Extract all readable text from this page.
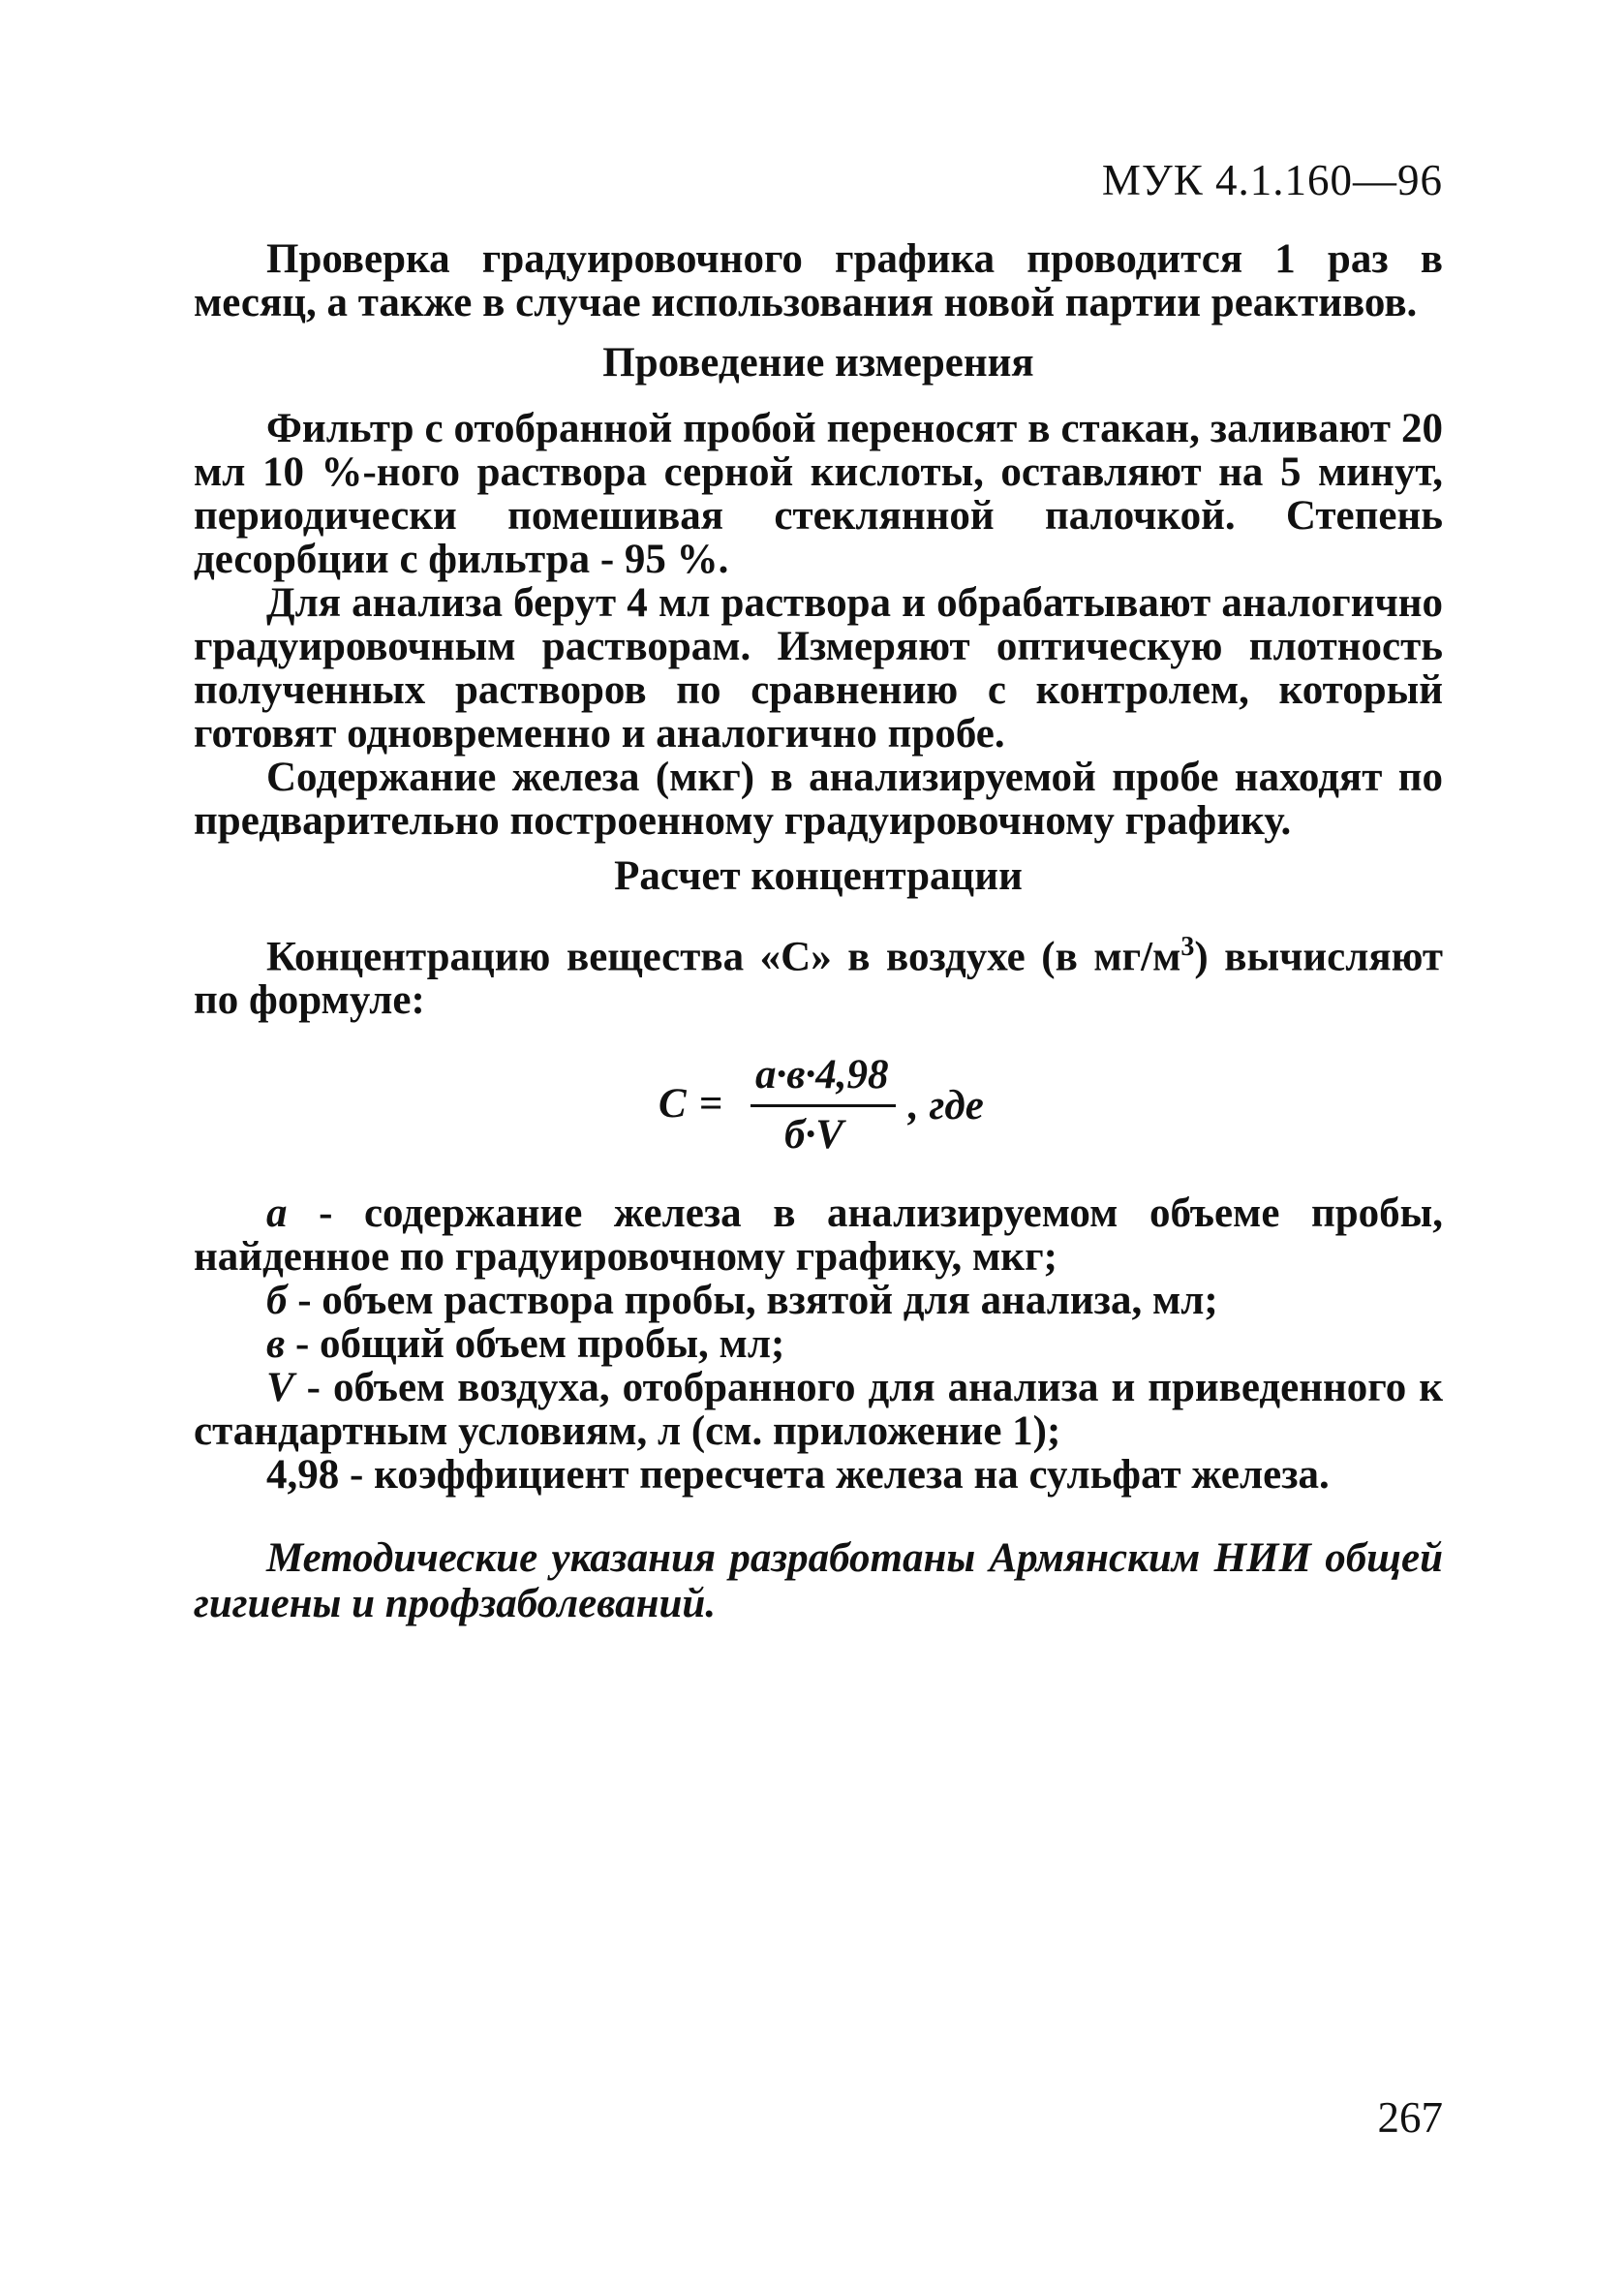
МУК 4.1.160—96

Проверка градуировочного графика проводится 1 раз в месяц, а также в случае использования новой партии реактивов.

Проведение измерения

Фильтр с отобранной пробой переносят в стакан, заливают 20 мл 10 %-ного раствора серной кислоты, оставляют на 5 минут, периодически помешивая стеклянной палочкой. Степень десорбции с фильтра - 95 %.

Для анализа берут 4 мл раствора и обрабатывают аналогично градуировочным растворам. Измеряют оптическую плотность полученных растворов по сравнению с контролем, который готовят одновременно и аналогично пробе.

Содержание железа (мкг) в анализируемой пробе находят по предварительно построенному градуировочному графику.

Расчет концентрации

Концентрацию вещества «С» в воздухе (в $мг/м^3$) вычисляют по формуле:

С =
а·в·4,98
б·V
, где

а - содержание железа в анализируемом объеме пробы, найденное по градуировочному графику, мкг;

б - объем раствора пробы, взятой для анализа, мл;

в - общий объем пробы, мл;

V - объем воздуха, отобранного для анализа и приведенного к стандартным условиям, л (см. приложение 1);

4,98 - коэффициент пересчета железа на сульфат железа.

Методические указания разработаны Армянским НИИ общей гигиены и профзаболеваний.

267
